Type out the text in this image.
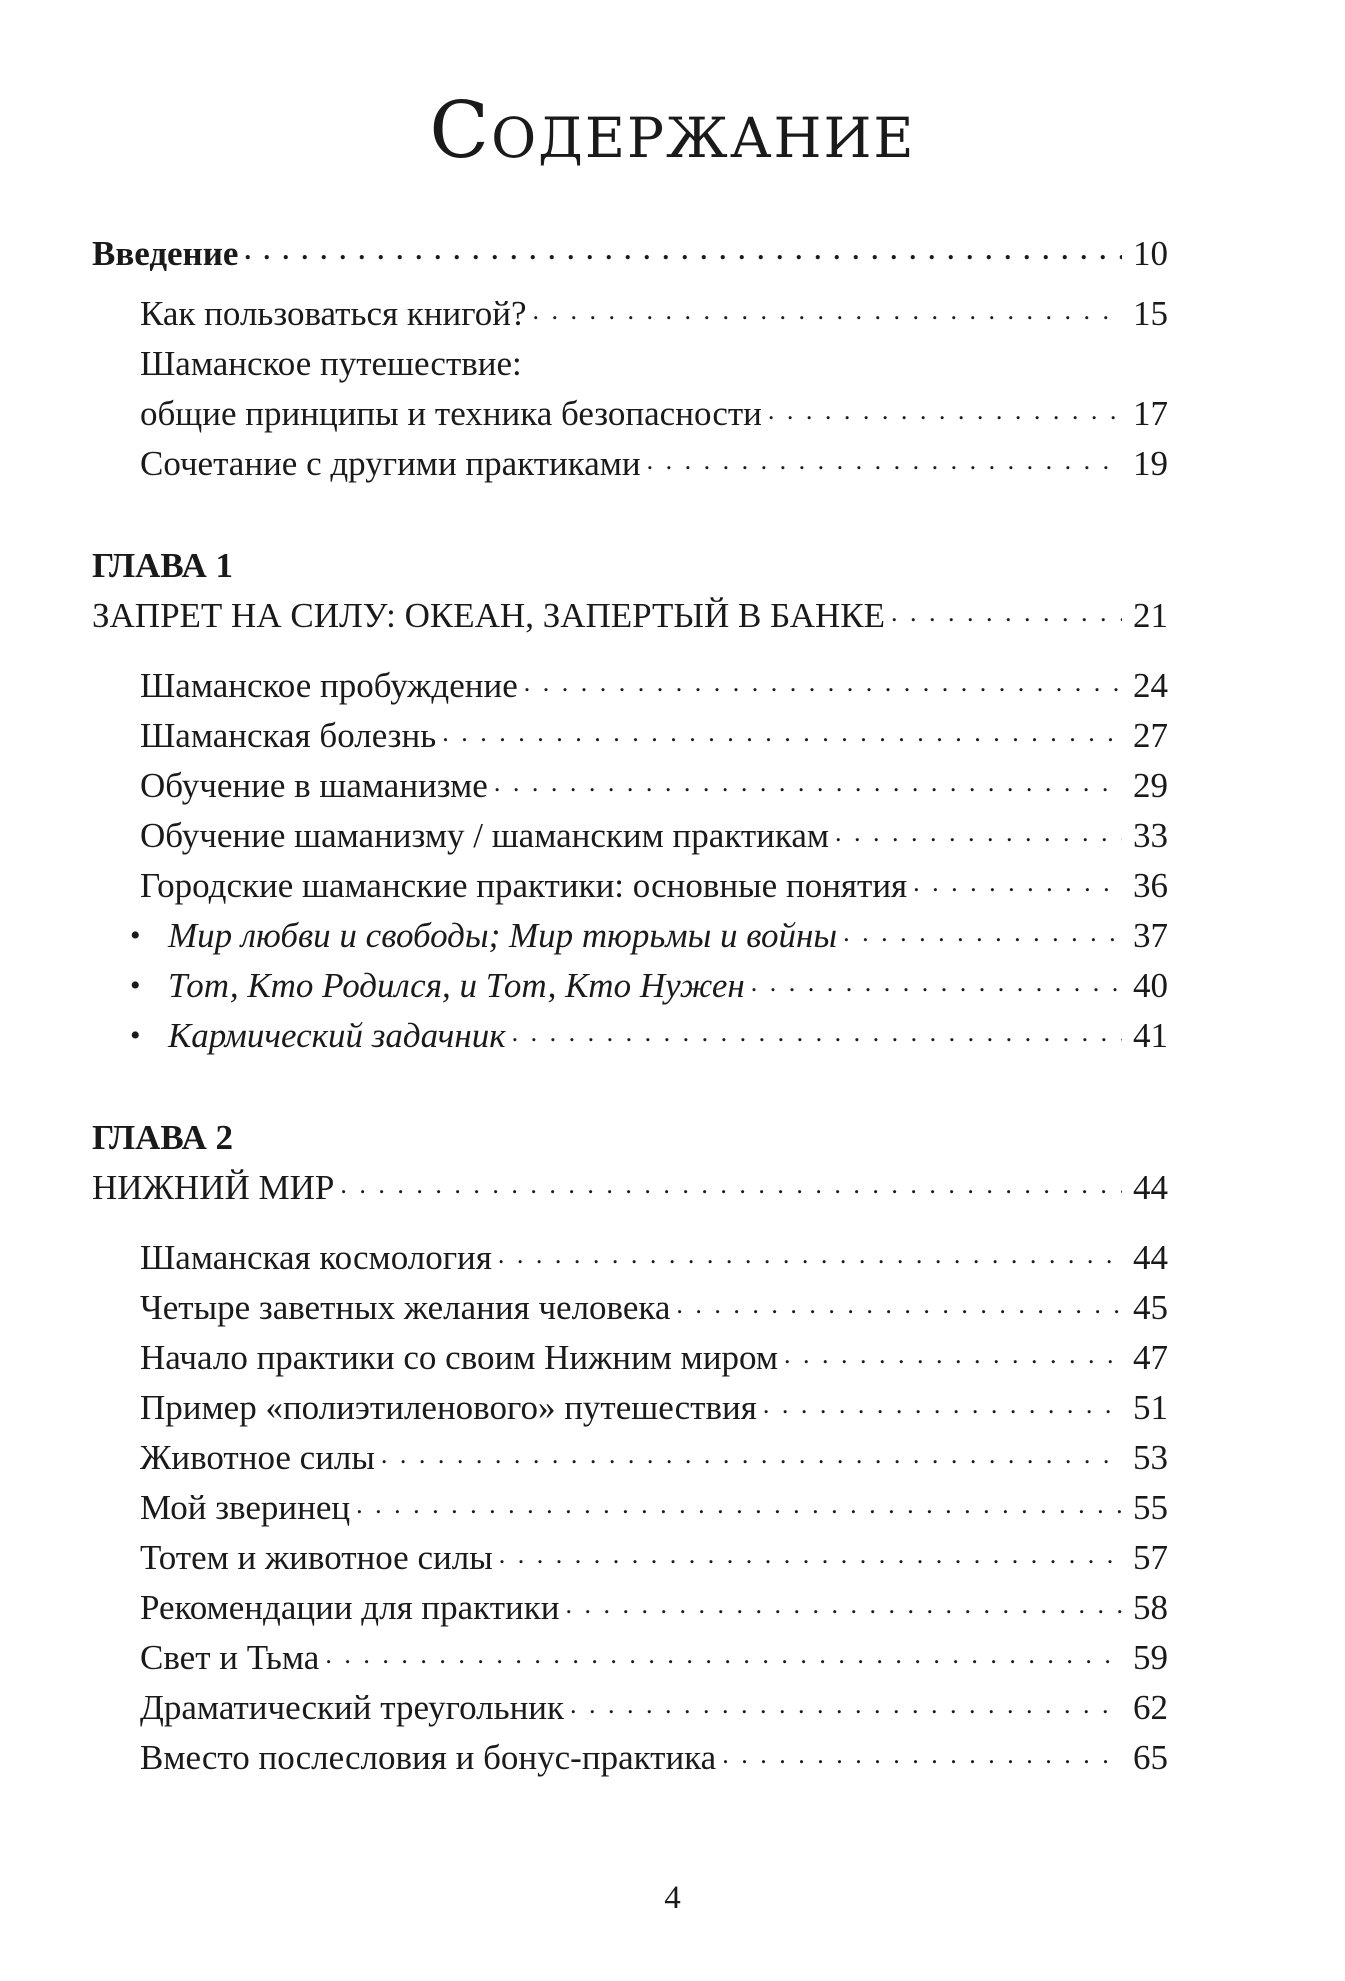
Содержание
Введение . . .	10
Как пользоваться книгой? . . .	15
Шаманское путешествие:
общие принципы и техника безопасности . . .	17
Сочетание с другими практиками . . .	19
ГЛАВА 1
ЗАПРЕТ НА СИЛУ: ОКЕАН, ЗАПЕРТЫЙ В БАНКЕ . . .	21
Шаманское пробуждение . . .	24
Шаманская болезнь . . .	27
Обучение в шаманизме . . .	29
Обучение шаманизму / шаманским практикам . . .	33
Городские шаманские практики: основные понятия . . .	36
• Мир любви и свободы; Мир тюрьмы и войны . . .	37
• Тот, Кто Родился, и Тот, Кто Нужен . . .	40
• Кармический задачник . . .	41
ГЛАВА 2
НИЖНИЙ МИР . . .	44
Шаманская космология . . .	44
Четыре заветных желания человека . . .	45
Начало практики со своим Нижним миром . . .	47
Пример «полиэтиленового» путешествия . . .	51
Животное силы . . .	53
Мой зверинец . . .	55
Тотем и животное силы . . .	57
Рекомендации для практики . . .	58
Свет и Тьма . . .	59
Драматический треугольник . . .	62
Вместо послесловия и бонус-практика . . .	65
4
